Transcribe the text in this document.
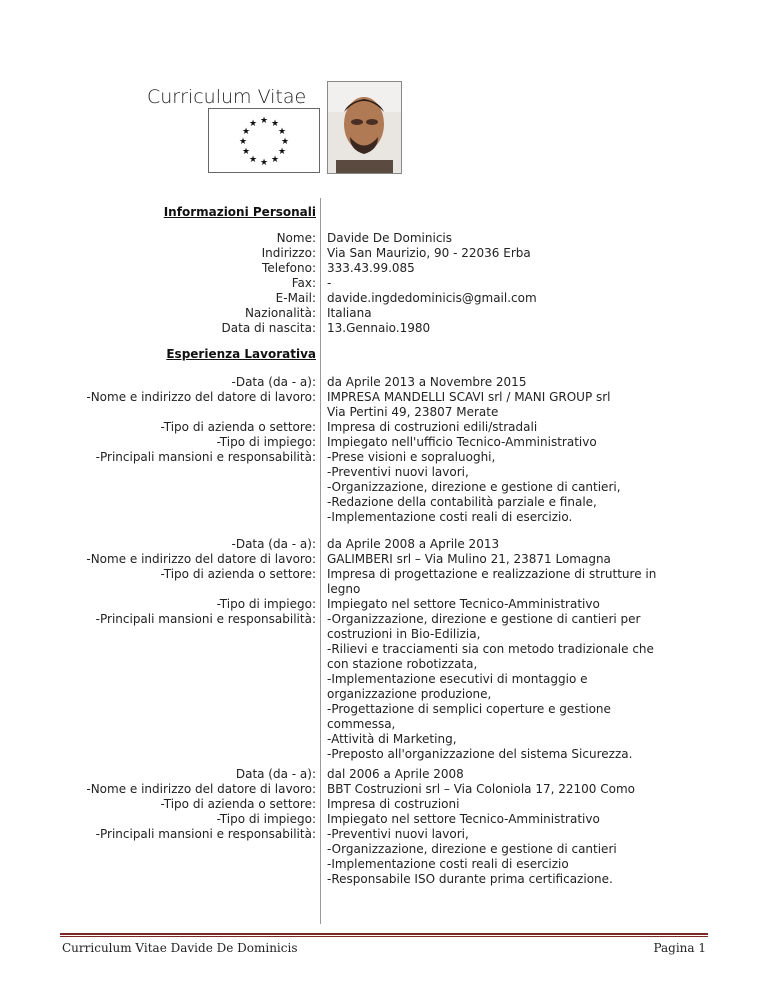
Curriculum Vitae
★ ★
★
★
★
★
★
★
★
★
★
★
Informazioni Personali
Nome:
Indirizzo:
Telefono:
Fax:
E-Mail:
Nazionalità:
Data di nascita:
Davide De Dominicis
Via San Maurizio, 90 - 22036 Erba
333.43.99.085
-
davide.ingdedominicis@gmail.com
Italiana
13.Gennaio.1980
Esperienza Lavorativa
-Data (da - a):
-Nome e indirizzo del datore di lavoro:
-Tipo di azienda o settore:
-Tipo di impiego:
-Principali mansioni e responsabilità:
da Aprile 2013 a Novembre 2015
IMPRESA MANDELLI SCAVI srl / MANI GROUP srl
Via Pertini 49, 23807 Merate
Impresa di costruzioni edili/stradali
Impiegato nell'ufficio Tecnico-Amministrativo
-Prese visioni e sopraluoghi,
-Preventivi nuovi lavori,
-Organizzazione, direzione e gestione di cantieri,
-Redazione della contabilità parziale e finale,
-Implementazione costi reali di esercizio.
-Data (da - a):
-Nome e indirizzo del datore di lavoro:
-Tipo di azienda o settore:
-Tipo di impiego:
-Principali mansioni e responsabilità:
da Aprile 2008 a Aprile 2013
GALIMBERI srl – Via Mulino 21, 23871 Lomagna
Impresa di progettazione e realizzazione di strutture in
legno
Impiegato nel settore Tecnico-Amministrativo
-Organizzazione, direzione e gestione di cantieri per
costruzioni in Bio-Edilizia,
-Rilievi e tracciamenti sia con metodo tradizionale che
con stazione robotizzata,
-Implementazione esecutivi di montaggio e
organizzazione produzione,
-Progettazione di semplici coperture e gestione
commessa,
-Attività di Marketing,
-Preposto all'organizzazione del sistema Sicurezza.
Data (da - a):
-Nome e indirizzo del datore di lavoro:
-Tipo di azienda o settore:
-Tipo di impiego:
-Principali mansioni e responsabilità:
dal 2006 a Aprile 2008
BBT Costruzioni srl – Via Coloniola 17, 22100 Como
Impresa di costruzioni
Impiegato nel settore Tecnico-Amministrativo
-Preventivi nuovi lavori,
-Organizzazione, direzione e gestione di cantieri
-Implementazione costi reali di esercizio
-Responsabile ISO durante prima certificazione.
Curriculum Vitae Davide De Dominicis	Pagina 1
